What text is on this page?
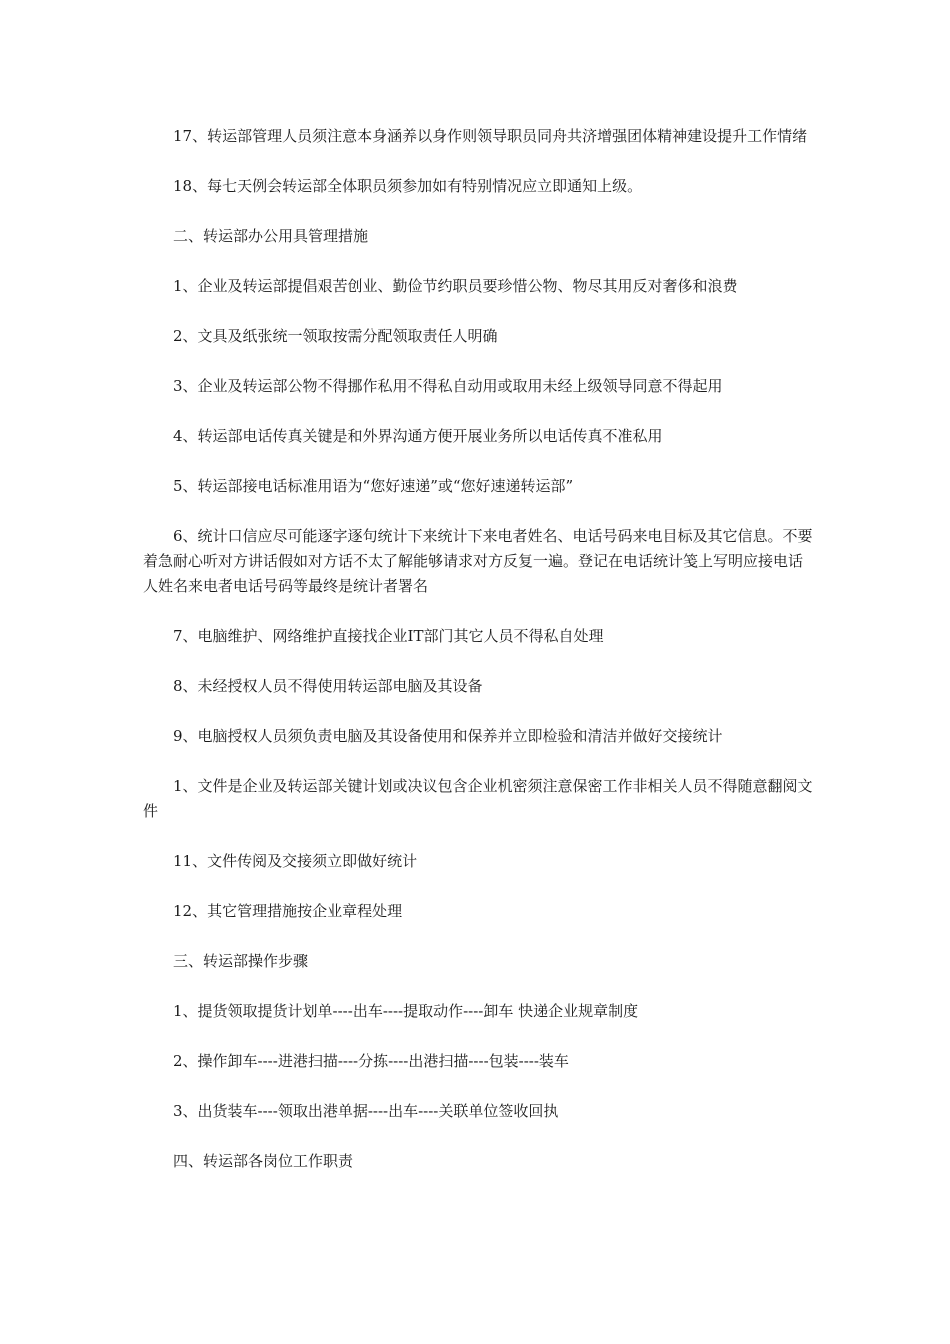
17、转运部管理人员须注意本身涵养以身作则领导职员同舟共济增强团体精神建设提升工作情绪

18、每七天例会转运部全体职员须参加如有特别情况应立即通知上级。

二、转运部办公用具管理措施

1、企业及转运部提倡艰苦创业、勤俭节约职员要珍惜公物、物尽其用反对奢侈和浪费

2、文具及纸张统一领取按需分配领取责任人明确

3、企业及转运部公物不得挪作私用不得私自动用或取用未经上级领导同意不得起用

4、转运部电话传真关键是和外界沟通方便开展业务所以电话传真不准私用

5、转运部接电话标准用语为“您好速递”或“您好速递转运部”

6、统计口信应尽可能逐字逐句统计下来统计下来电者姓名、电话号码来电目标及其它信息。不要着急耐心听对方讲话假如对方话不太了解能够请求对方反复一遍。登记在电话统计笺上写明应接电话人姓名来电者电话号码等最终是统计者署名

7、电脑维护、网络维护直接找企业IT部门其它人员不得私自处理

8、未经授权人员不得使用转运部电脑及其设备

9、电脑授权人员须负责电脑及其设备使用和保养并立即检验和清洁并做好交接统计

1、文件是企业及转运部关键计划或决议包含企业机密须注意保密工作非相关人员不得随意翻阅文件

11、文件传阅及交接须立即做好统计

12、其它管理措施按企业章程处理

三、转运部操作步骤

1、提货领取提货计划单----出车----提取动作----卸车 快递企业规章制度

2、操作卸车----进港扫描----分拣----出港扫描----包装----装车

3、出货装车----领取出港单据----出车----关联单位签收回执

四、转运部各岗位工作职责
